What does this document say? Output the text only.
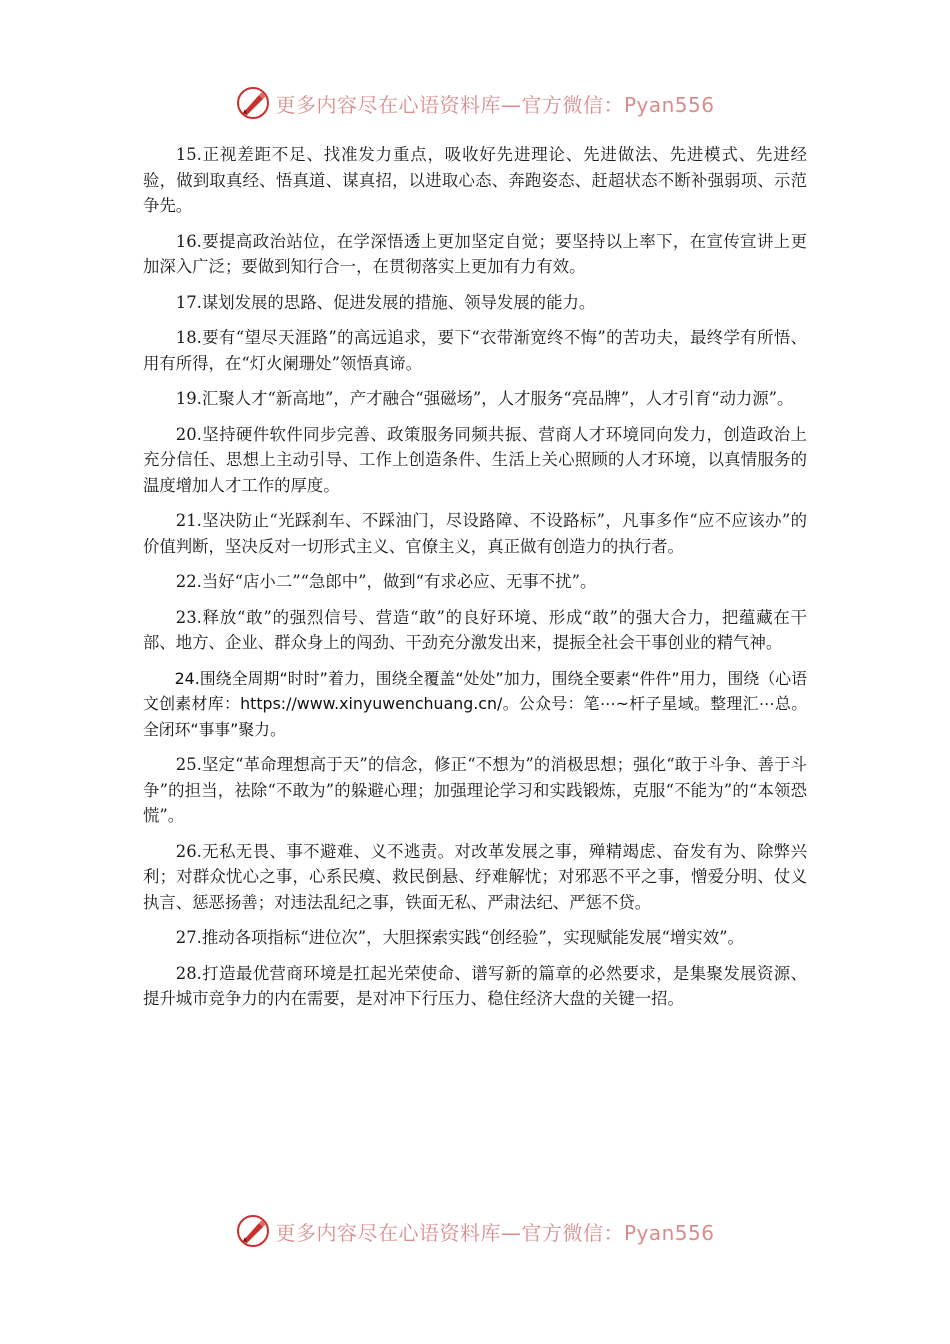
更多内容尽在心语资料库—官方微信：Pyan556

15.正视差距不足、找准发力重点，吸收好先进理论、先进做法、先进模式、先进经验，做到取真经、悟真道、谋真招，以进取心态、奔跑姿态、赶超状态不断补强弱项、示范争先。

16.要提高政治站位，在学深悟透上更加坚定自觉；要坚持以上率下，在宣传宣讲上更加深入广泛；要做到知行合一，在贯彻落实上更加有力有效。

17.谋划发展的思路、促进发展的措施、领导发展的能力。

18.要有“望尽天涯路”的高远追求，要下“衣带渐宽终不悔”的苦功夫，最终学有所悟、用有所得，在“灯火阑珊处”领悟真谛。

19.汇聚人才“新高地”，产才融合“强磁场”，人才服务“亮品牌”，人才引育“动力源”。

20.坚持硬件软件同步完善、政策服务同频共振、营商人才环境同向发力，创造政治上充分信任、思想上主动引导、工作上创造条件、生活上关心照顾的人才环境，以真情服务的温度增加人才工作的厚度。

21.坚决防止“光踩刹车、不踩油门，尽设路障、不设路标”，凡事多作“应不应该办”的价值判断，坚决反对一切形式主义、官僚主义，真正做有创造力的执行者。

22.当好“店小二”“急郎中”，做到“有求必应、无事不扰”。

23.释放“敢”的强烈信号、营造“敢”的良好环境、形成“敢”的强大合力，把蕴藏在干部、地方、企业、群众身上的闯劲、干劲充分激发出来，提振全社会干事创业的精气神。

24.围绕全周期“时时”着力，围绕全覆盖“处处”加力，围绕全要素“件件”用力，围绕（心语文创素材库：https://www.xinyuwenchuang.cn/。公众号：笔⋯~杆子星域。整理汇⋯总。全闭环“事事”聚力。

25.坚定“革命理想高于天”的信念，修正“不想为”的消极思想；强化“敢于斗争、善于斗争”的担当，祛除“不敢为”的躲避心理；加强理论学习和实践锻炼，克服“不能为”的“本领恐慌”。

26.无私无畏、事不避难、义不逃责。对改革发展之事，殚精竭虑、奋发有为、除弊兴利；对群众忧心之事，心系民瘼、救民倒悬、纾难解忧；对邪恶不平之事，憎爱分明、仗义执言、惩恶扬善；对违法乱纪之事，铁面无私、严肃法纪、严惩不贷。

27.推动各项指标“进位次”，大胆探索实践“创经验”，实现赋能发展“增实效”。

28.打造最优营商环境是扛起光荣使命、谱写新的篇章的必然要求，是集聚发展资源、提升城市竞争力的内在需要，是对冲下行压力、稳住经济大盘的关键一招。

更多内容尽在心语资料库—官方微信：Pyan556
